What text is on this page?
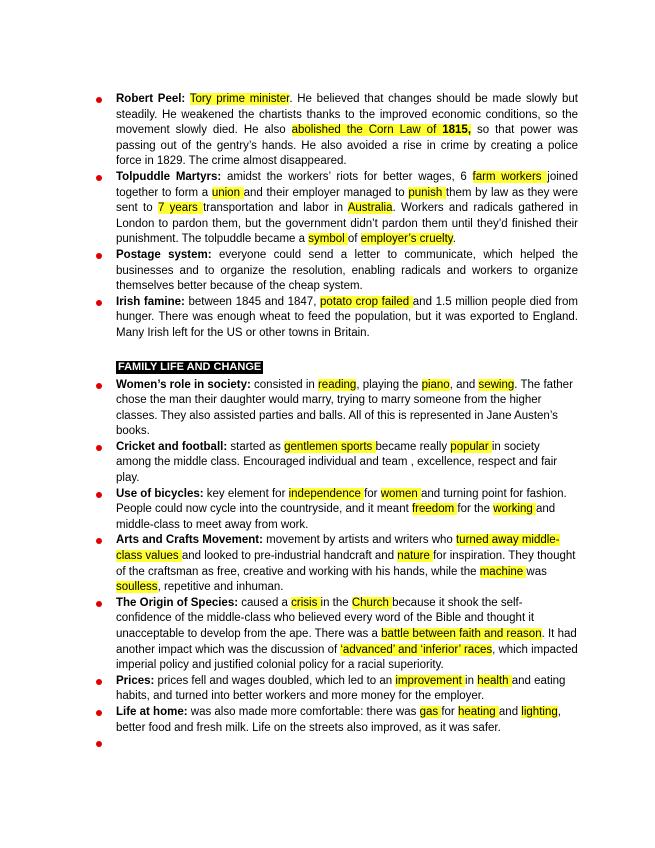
Robert Peel: Tory prime minister. He believed that changes should be made slowly but steadily. He weakened the chartists thanks to the improved economic conditions, so the movement slowly died. He also abolished the Corn Law of 1815, so that power was passing out of the gentry’s hands. He also avoided a rise in crime by creating a police force in 1829. The crime almost disappeared.
Tolpuddle Martyrs: amidst the workers’ riots for better wages, 6 farm workers joined together to form a union and their employer managed to punish them by law as they were sent to 7 years transportation and labor in Australia. Workers and radicals gathered in London to pardon them, but the government didn’t pardon them until they’d finished their punishment. The tolpuddle became a symbol of employer’s cruelty.
Postage system: everyone could send a letter to communicate, which helped the businesses and to organize the resolution, enabling radicals and workers to organize themselves better because of the cheap system.
Irish famine: between 1845 and 1847, potato crop failed and 1.5 million people died from hunger. There was enough wheat to feed the population, but it was exported to England. Many Irish left for the US or other towns in Britain.
FAMILY LIFE AND CHANGE
Women’s role in society: consisted in reading, playing the piano, and sewing. The father chose the man their daughter would marry, trying to marry someone from the higher classes. They also assisted parties and balls. All of this is represented in Jane Austen’s books.
Cricket and football: started as gentlemen sports became really popular in society among the middle class. Encouraged individual and team , excellence, respect and fair play.
Use of bicycles: key element for independence for women and turning point for fashion. People could now cycle into the countryside, and it meant freedom for the working and middle-class to meet away from work.
Arts and Crafts Movement: movement by artists and writers who turned away middle-class values and looked to pre-industrial handcraft and nature for inspiration. They thought of the craftsman as free, creative and working with his hands, while the machine was soulless, repetitive and inhuman.
The Origin of Species: caused a crisis in the Church because it shook the self-confidence of the middle-class who believed every word of the Bible and thought it unacceptable to develop from the ape. There was a battle between faith and reason. It had another impact which was the discussion of ‘advanced’ and ‘inferior’ races, which impacted imperial policy and justified colonial policy for a racial superiority.
Prices: prices fell and wages doubled, which led to an improvement in health and eating habits, and turned into better workers and more money for the employer.
Life at home: was also made more comfortable: there was gas for heating and lighting, better food and fresh milk. Life on the streets also improved, as it was safer.
